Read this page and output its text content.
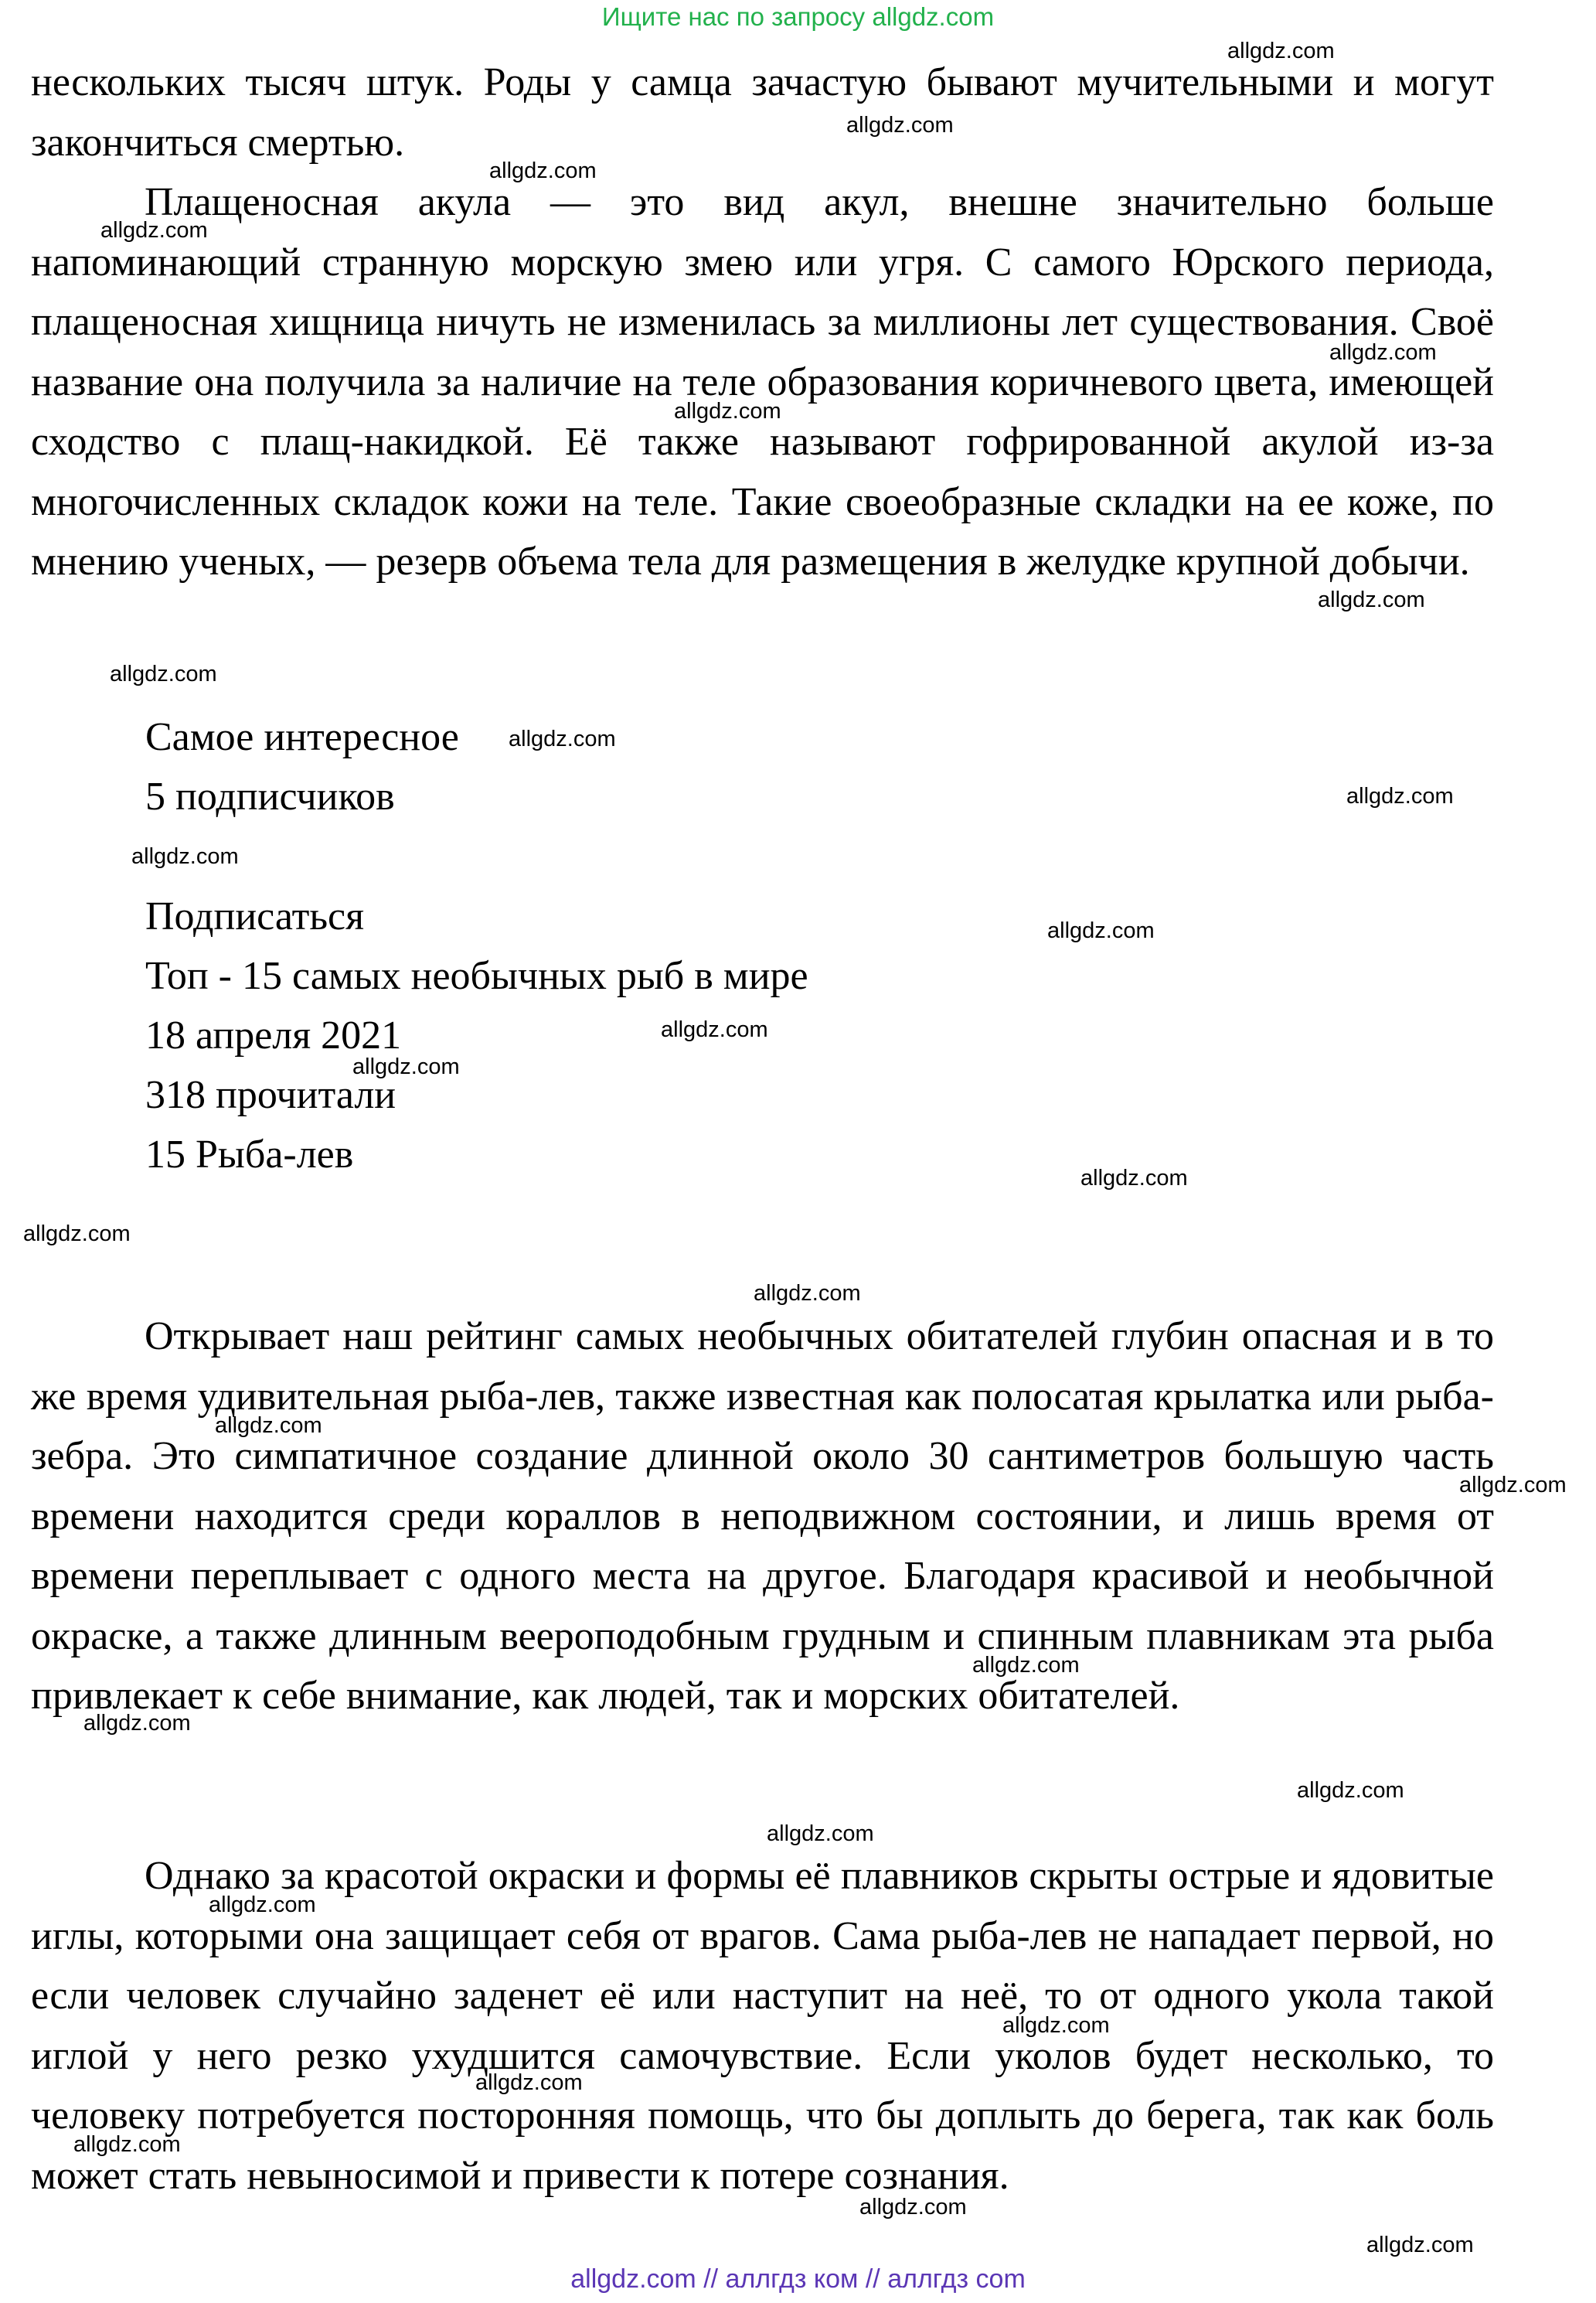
Ищите нас по запросу allgdz.com

нескольких тысяч штук. Роды у самца зачастую бывают мучительными и могут закончиться смертью.

Плащеносная акула — это вид акул, внешне значительно больше напоминающий странную морскую змею или угря. С самого Юрского периода, плащеносная хищница ничуть не изменилась за миллионы лет существования. Своё название она получила за наличие на теле образования коричневого цвета, имеющей сходство с плащ-накидкой. Её также называют гофрированной акулой из-за многочисленных складок кожи на теле. Такие своеобразные складки на ее коже, по мнению ученых, — резерв объема тела для размещения в желудке крупной добычи.

Самое интересное
5 подписчиков
Подписаться
Топ - 15 самых необычных рыб в мире
18 апреля 2021
318 прочитали
15 Рыба-лев

Открывает наш рейтинг самых необычных обитателей глубин опасная и в то же время удивительная рыба-лев, также известная как полосатая крылатка или рыба-зебра. Это симпатичное создание длинной около 30 сантиметров большую часть времени находится среди кораллов в неподвижном состоянии, и лишь время от времени переплывает с одного места на другое. Благодаря красивой и необычной окраске, а также длинным веероподобным грудным и спинным плавникам эта рыба привлекает к себе внимание, как людей, так и морских обитателей.

Однако за красотой окраски и формы её плавников скрыты острые и ядовитые иглы, которыми она защищает себя от врагов. Сама рыба-лев не нападает первой, но если человек случайно заденет её или наступит на неё, то от одного укола такой иглой у него резко ухудшится самочувствие. Если уколов будет несколько, то человеку потребуется посторонняя помощь, что бы доплыть до берега, так как боль может стать невыносимой и привести к потере сознания.

allgdz.com
allgdz.com
allgdz.com
allgdz.com
allgdz.com
allgdz.com
allgdz.com
allgdz.com
allgdz.com
allgdz.com
allgdz.com
allgdz.com
allgdz.com
allgdz.com
allgdz.com
allgdz.com
allgdz.com
allgdz.com
allgdz.com
allgdz.com
allgdz.com
allgdz.com
allgdz.com
allgdz.com
allgdz.com
allgdz.com
allgdz.com
allgdz.com
allgdz.com
allgdz.com // аллгдз ком // аллгдз com
